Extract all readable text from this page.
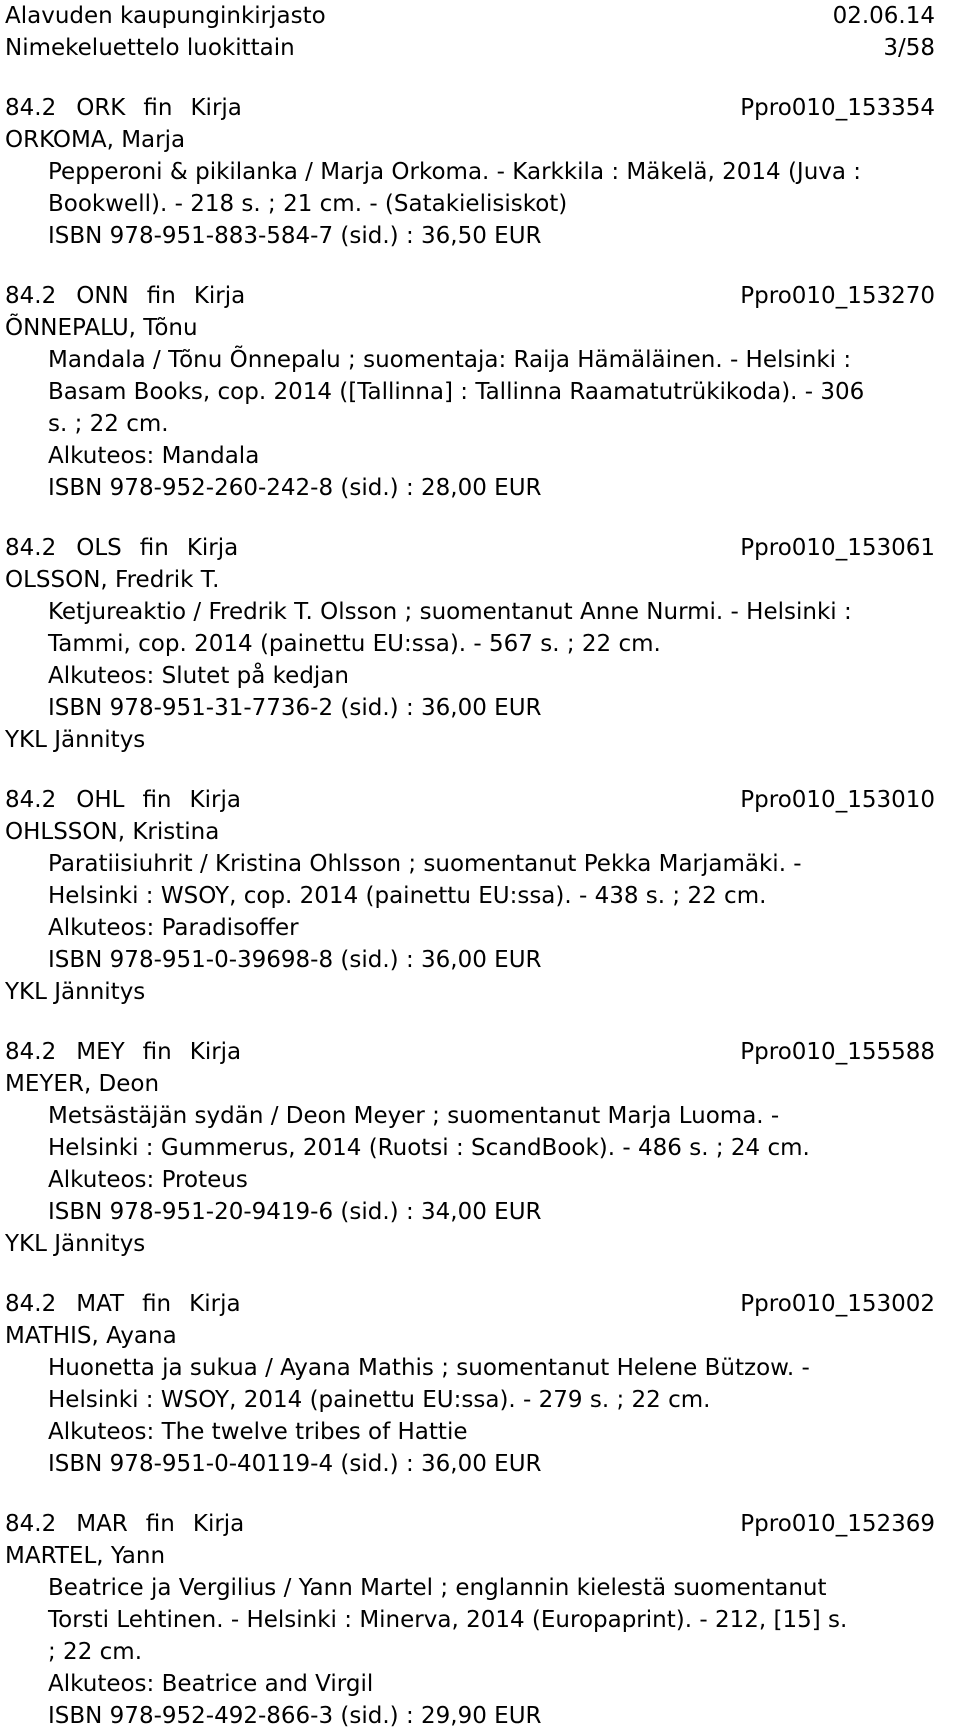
Alavuden kaupunginkirjasto	02.06.14
Nimekeluettelo luokittain	3/58
84.2 ORK fin Kirja	Ppro010_153354
ORKOMA, Marja
Pepperoni & pikilanka / Marja Orkoma. - Karkkila : Mäkelä, 2014 (Juva :
Bookwell). - 218 s. ; 21 cm. - (Satakielisiskot)
ISBN 978-951-883-584-7 (sid.) : 36,50 EUR
84.2 ONN fin Kirja	Ppro010_153270
ÕNNEPALU, Tõnu
Mandala / Tõnu Õnnepalu ; suomentaja: Raija Hämäläinen. - Helsinki :
Basam Books, cop. 2014 ([Tallinna] : Tallinna Raamatutrükikoda). - 306
s. ; 22 cm.
Alkuteos: Mandala
ISBN 978-952-260-242-8 (sid.) : 28,00 EUR
84.2 OLS fin Kirja	Ppro010_153061
OLSSON, Fredrik T.
Ketjureaktio / Fredrik T. Olsson ; suomentanut Anne Nurmi. - Helsinki :
Tammi, cop. 2014 (painettu EU:ssa). - 567 s. ; 22 cm.
Alkuteos: Slutet på kedjan
ISBN 978-951-31-7736-2 (sid.) : 36,00 EUR
YKL Jännitys
84.2 OHL fin Kirja	Ppro010_153010
OHLSSON, Kristina
Paratiisiuhrit / Kristina Ohlsson ; suomentanut Pekka Marjamäki. -
Helsinki : WSOY, cop. 2014 (painettu EU:ssa). - 438 s. ; 22 cm.
Alkuteos: Paradisoffer
ISBN 978-951-0-39698-8 (sid.) : 36,00 EUR
YKL Jännitys
84.2 MEY fin Kirja	Ppro010_155588
MEYER, Deon
Metsästäjän sydän / Deon Meyer ; suomentanut Marja Luoma. -
Helsinki : Gummerus, 2014 (Ruotsi : ScandBook). - 486 s. ; 24 cm.
Alkuteos: Proteus
ISBN 978-951-20-9419-6 (sid.) : 34,00 EUR
YKL Jännitys
84.2 MAT fin Kirja	Ppro010_153002
MATHIS, Ayana
Huonetta ja sukua / Ayana Mathis ; suomentanut Helene Bützow. -
Helsinki : WSOY, 2014 (painettu EU:ssa). - 279 s. ; 22 cm.
Alkuteos: The twelve tribes of Hattie
ISBN 978-951-0-40119-4 (sid.) : 36,00 EUR
84.2 MAR fin Kirja	Ppro010_152369
MARTEL, Yann
Beatrice ja Vergilius / Yann Martel ; englannin kielestä suomentanut
Torsti Lehtinen. - Helsinki : Minerva, 2014 (Europaprint). - 212, [15] s.
; 22 cm.
Alkuteos: Beatrice and Virgil
ISBN 978-952-492-866-3 (sid.) : 29,90 EUR
